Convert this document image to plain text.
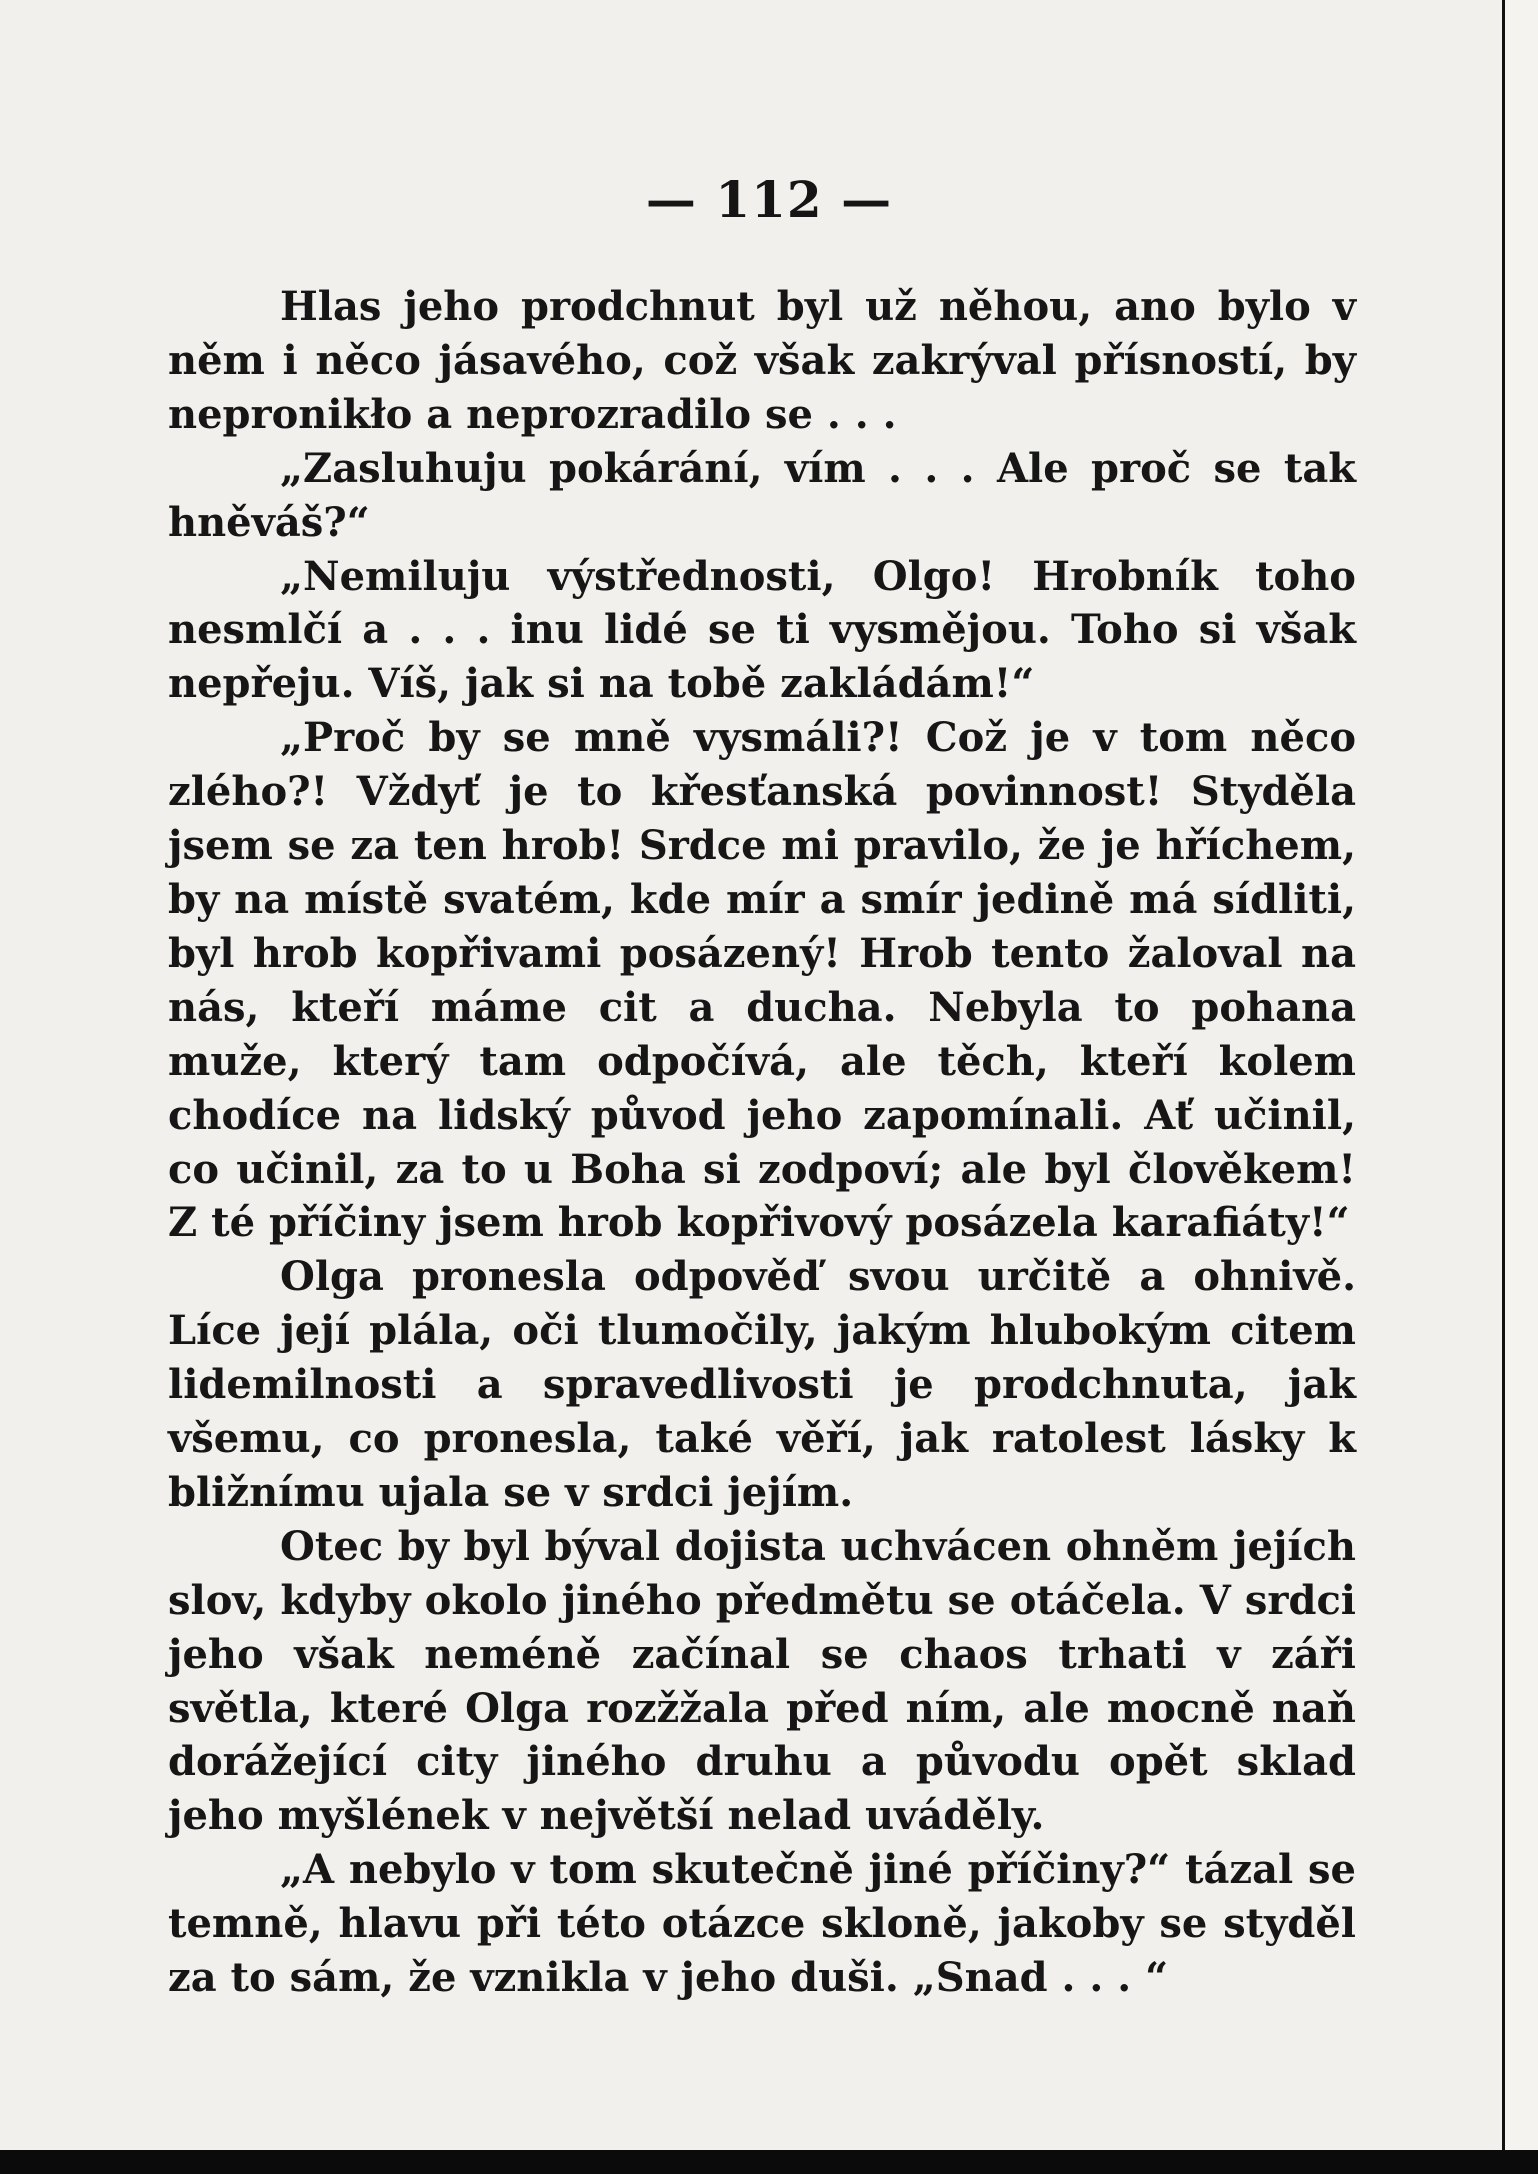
— 112 —

Hlas jeho prodchnut byl už něhou, ano bylo v něm i něco jásavého, což však zakrýval přísností, by nepronikło a neprozradilo se . . .

„Zasluhuju pokárání, vím . . . Ale proč se tak hněváš?“

„Nemiluju výstřednosti, Olgo! Hrobník toho nesmlčí a . . . inu lidé se ti vysmějou. Toho si však nepřeju. Víš, jak si na tobě zakládám!“

„Proč by se mně vysmáli?! Což je v tom něco zlého?! Vždyť je to křesťanská povinnost! Styděla jsem se za ten hrob! Srdce mi pravilo, že je hříchem, by na místě svatém, kde mír a smír jedině má sídliti, byl hrob kopřivami posázený! Hrob tento žaloval na nás, kteří máme cit a ducha. Nebyla to pohana muže, který tam odpočívá, ale těch, kteří kolem chodíce na lidský původ jeho zapomínali. Ať učinil, co učinil, za to u Boha si zodpoví; ale byl člověkem! Z té příčiny jsem hrob kopřivový posázela karafiáty!“

Olga pronesla odpověď svou určitě a ohnivě. Líce její plála, oči tlumočily, jakým hlubokým citem lidemilnosti a spravedlivosti je prodchnuta, jak všemu, co pronesla, také věří, jak ratolest lásky k bližnímu ujala se v srdci jejím.

Otec by byl býval dojista uchvácen ohněm jejích slov, kdyby okolo jiného předmětu se otáčela. V srdci jeho však neméně začínal se chaos trhati v záři světla, které Olga rozžžala před ním, ale mocně naň dorážející city jiného druhu a původu opět sklad jeho myšlének v největší nelad uváděly.

„A nebylo v tom skutečně jiné příčiny?“ tázal se temně, hlavu při této otázce skloně, jakoby se styděl za to sám, že vznikla v jeho duši. „Snad . . . “
